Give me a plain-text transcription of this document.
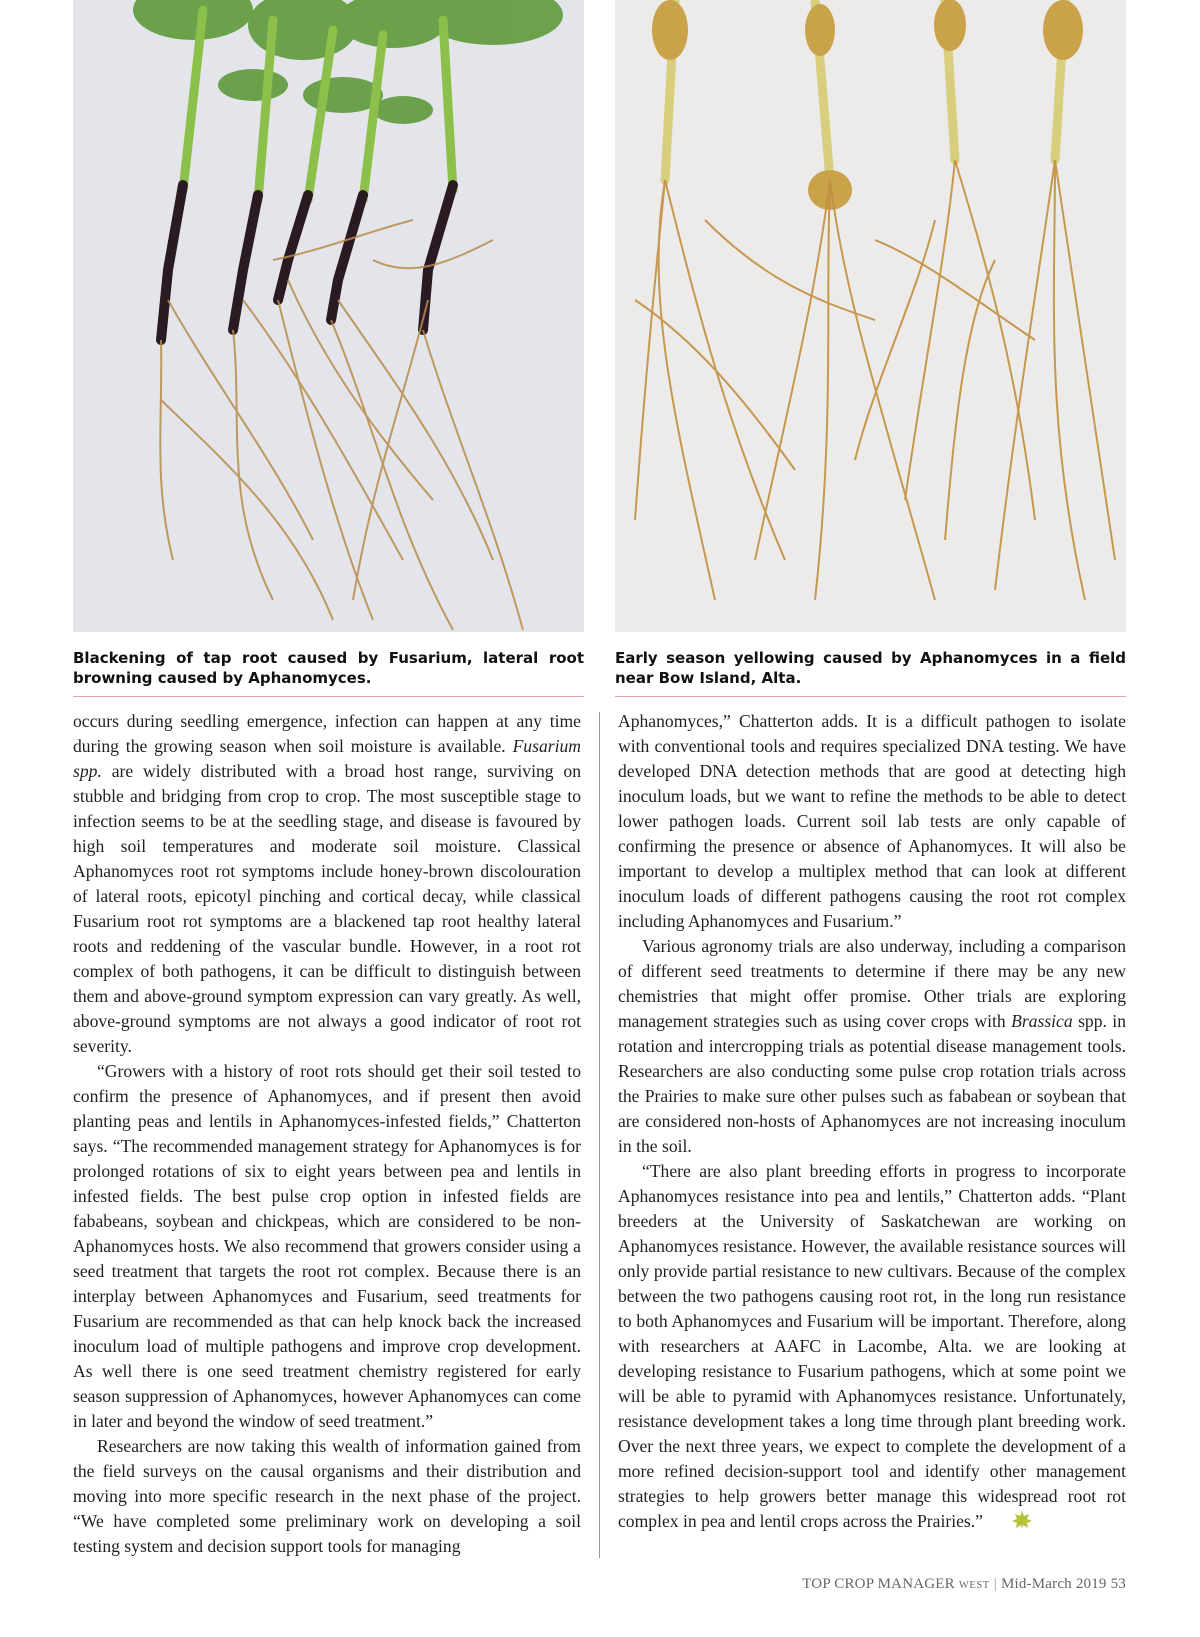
Blackening of tap root caused by Fusarium, lateral root browning caused by Aphanomyces.
Early season yellowing caused by Aphanomyces in a field near Bow Island, Alta.

occurs during seedling emergence, infection can happen at any time during the growing season when soil moisture is available. Fusarium spp. are widely distributed with a broad host range, surviving on stubble and bridging from crop to crop. The most susceptible stage to infection seems to be at the seedling stage, and disease is favoured by high soil temperatures and moderate soil moisture. Classical Aphanomyces root rot symptoms include honey-brown discolouration of lateral roots, epicotyl pinching and cortical decay, while classical Fusarium root rot symptoms are a blackened tap root healthy lateral roots and reddening of the vascular bundle. However, in a root rot complex of both pathogens, it can be difficult to distinguish between them and above-ground symptom expression can vary greatly. As well, above-ground symptoms are not always a good indicator of root rot severity.

“Growers with a history of root rots should get their soil tested to confirm the presence of Aphanomyces, and if present then avoid planting peas and lentils in Aphanomyces-infested fields,” Chatterton says. “The recommended management strategy for Aphanomyces is for prolonged rotations of six to eight years between pea and lentils in infested fields. The best pulse crop option in infested fields are fababeans, soybean and chickpeas, which are considered to be non-Aphanomyces hosts. We also recommend that growers consider using a seed treatment that targets the root rot complex. Because there is an interplay between Aphanomyces and Fusarium, seed treatments for Fusarium are recommended as that can help knock back the increased inoculum load of multiple pathogens and improve crop development. As well there is one seed treatment chemistry registered for early season suppression of Aphanomyces, however Aphanomyces can come in later and beyond the window of seed treatment.”

Researchers are now taking this wealth of information gained from the field surveys on the causal organisms and their distribution and moving into more specific research in the next phase of the project. “We have completed some preliminary work on developing a soil testing system and decision support tools for managing

Aphanomyces,” Chatterton adds. It is a difficult pathogen to isolate with conventional tools and requires specialized DNA testing. We have developed DNA detection methods that are good at detecting high inoculum loads, but we want to refine the methods to be able to detect lower pathogen loads. Current soil lab tests are only capable of confirming the presence or absence of Aphanomyces. It will also be important to develop a multiplex method that can look at different inoculum loads of different pathogens causing the root rot complex including Aphanomyces and Fusarium.”

Various agronomy trials are also underway, including a comparison of different seed treatments to determine if there may be any new chemistries that might offer promise. Other trials are exploring management strategies such as using cover crops with Brassica spp. in rotation and intercropping trials as potential disease management tools. Researchers are also conducting some pulse crop rotation trials across the Prairies to make sure other pulses such as fababean or soybean that are considered non-hosts of Aphanomyces are not increasing inoculum in the soil.

“There are also plant breeding efforts in progress to incorporate Aphanomyces resistance into pea and lentils,” Chatterton adds. “Plant breeders at the University of Saskatchewan are working on Aphanomyces resistance. However, the available resistance sources will only provide partial resistance to new cultivars. Because of the complex between the two pathogens causing root rot, in the long run resistance to both Aphanomyces and Fusarium will be important. Therefore, along with researchers at AAFC in Lacombe, Alta. we are looking at developing resistance to Fusarium pathogens, which at some point we will be able to pyramid with Aphanomyces resistance. Unfortunately, resistance development takes a long time through plant breeding work. Over the next three years, we expect to complete the development of a more refined decision-support tool and identify other management strategies to help growers better manage this widespread root rot complex in pea and lentil crops across the Prairies.”

TOP CROP MANAGER WEST | Mid-March 2019 53
